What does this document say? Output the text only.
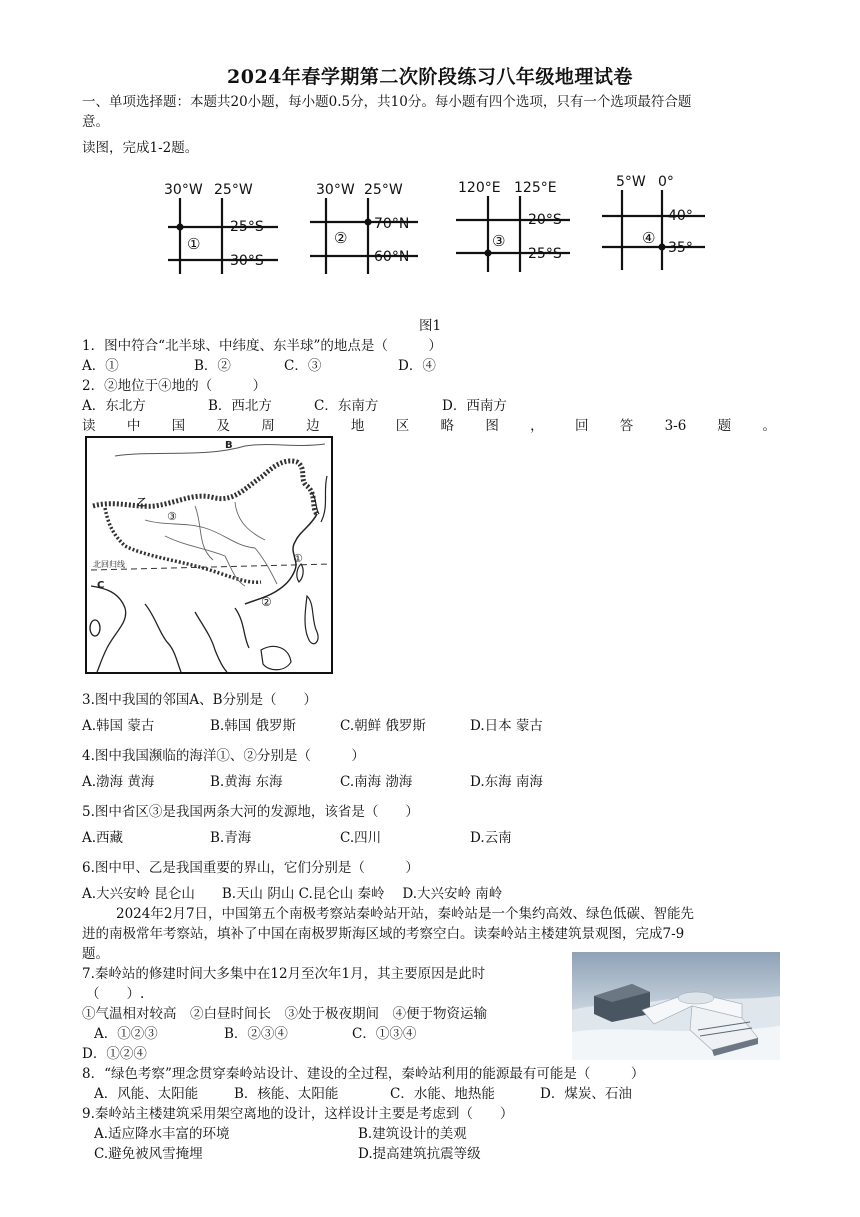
2024年春学期第二次阶段练习八年级地理试卷
一、单项选择题：本题共20小题，每小题0.5分，共10分。每小题有四个选项，只有一个选项最符合题
意。
读图，完成1-2题。
30°W 25°W
25°S
30°S
①
30°W 25°W
70°N
60°N
②
120°E 125°E
20°S
25°S
③
5°W 0°
40°
35°
④
图1
1．图中符合“北半球、中纬度、东半球”的地点是（　　　）
A．①	B．②	C．③	D．④
2．②地位于④地的（　　　）
A．东北方	B．西北方	C．东南方	D．西南方
读 中 国 及 周 边 地 区 略 图 ， 回 答 3-6 题 。
B
乙
C
北回归线
③
①
②
3.图中我国的邻国A、B分别是（　　）
A.韩国 蒙古	B.韩国 俄罗斯	C.朝鲜 俄罗斯	D.日本 蒙古
4.图中我国濒临的海洋①、②分别是（　　　）
A.渤海 黄海	B.黄海 东海	C.南海 渤海	D.东海 南海
5.图中省区③是我国两条大河的发源地，该省是（　　）
A.西藏	B.青海	C.四川	D.云南
6.图中甲、乙是我国重要的界山，它们分别是（　　　）
A.大兴安岭 昆仑山　　B.天山 阴山 C.昆仑山 秦岭　 D.大兴安岭 南岭
2024年2月7日，中国第五个南极考察站秦岭站开站，秦岭站是一个集约高效、绿色低碳、智能先
进的南极常年考察站，填补了中国在南极罗斯海区域的考察空白。读秦岭站主楼建筑景观图，完成7-9
题。
7.秦岭站的修建时间大多集中在12月至次年1月，其主要原因是此时
（　　）.
①气温相对较高　②白昼时间长　③处于极夜期间　④便于物资运输
A．①②③	B．②③④	C．①③④
D．①②④
8．“绿色考察”理念贯穿秦岭站设计、建设的全过程，秦岭站利用的能源最有可能是（　　　）
A．风能、太阳能	B．核能、太阳能	C．水能、地热能	D．煤炭、石油
9.秦岭站主楼建筑采用架空离地的设计，这样设计主要是考虑到（　　）
A.适应降水丰富的环境	B.建筑设计的美观
C.避免被风雪掩埋	D.提高建筑抗震等级
